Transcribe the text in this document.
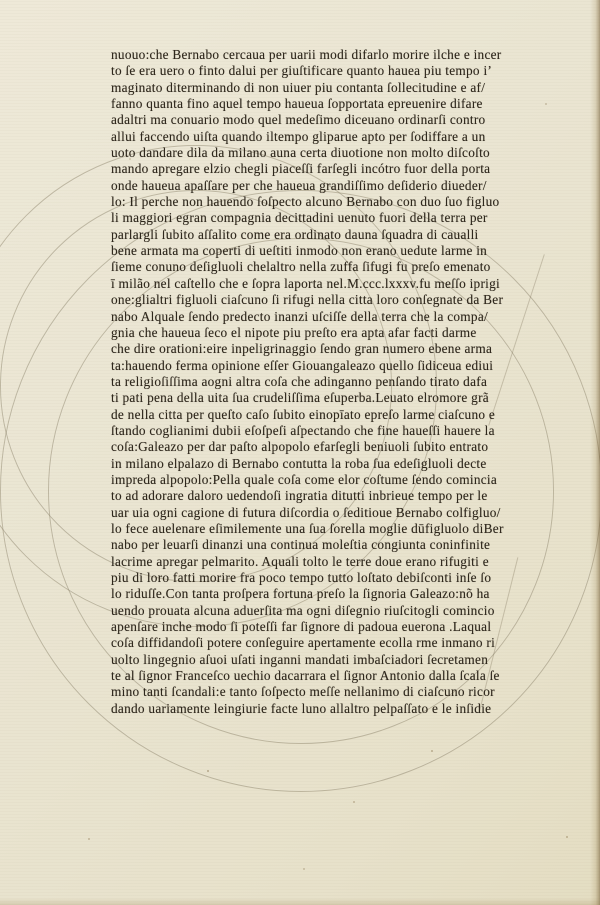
nuouo:che Bernabo cercaua per uarii modi difarlo morire ilche e incer
to ſe era uero o finto dalui per giuſtificare quanto hauea piu tempo i’
maginato diterminando di non uiuer piu contanta ſollecitudine e af/
fanno quanta fino aquel tempo haueua ſopportata epreuenire difare
adaltri ma conuario modo quel medeſimo diceuano ordinarſi contro
allui faccendo uiſta quando iltempo gliparue apto per ſodiffare a un
uoto dandare dila da milano auna certa diuotione non molto diſcoſto
mando apregare elzio chegli piaceſſi farſegli incótro fuor della porta
onde haueua apaſſare per che haueua grandiſſimo deſiderio diueder/
lo: Il perche non hauendo ſoſpecto alcuno Bernabo con duo ſuo figluo
li maggiori egran compagnia decittadini uenuto fuori della terra per
parlargli ſubito aſſalito come era ordinato dauna ſquadra di caualli
bene armata ma coperti di ueſtiti inmodo non erano uedute larme in
ſieme conuno deſigluoli chelaltro nella zuffa ſifugi fu preſo emenato
ī milão nel caſtello che e ſopra laporta nel.M.ccc.lxxxv.fu meſſo iprigi
one:glialtri figluoli ciaſcuno ſi rifugi nella citta loro conſegnate da Ber
nabo Alquale ſendo predecto inanzi uſciſſe della terra che la compa/
gnia che haueua ſeco el nipote piu preſto era apta afar facti darme
che dire orationi:eire inpeligrinaggio ſendo gran numero ebene arma
ta:hauendo ferma opinione eſſer Giouangaleazo quello ſidiceua ediui
ta religioſiſſima aogni altra coſa che adinganno penſando tirato dafa
ti pati pena della uita ſua crudeliſſima eſuperba.Leuato elromore grã
de nella citta per queſto caſo ſubito einopīato epreſo larme ciaſcuno e
ſtando coglianimi dubii eſoſpeſi aſpectando che fine haueſſi hauere la
coſa:Galeazo per dar paſto alpopolo efarſegli beniuoli ſubito entrato
in milano elpalazo di Bernabo contutta la roba ſua edeſigluoli decte
impreda alpopolo:Pella quale coſa come elor coſtume ſendo comincia
to ad adorare daloro uedendoſi ingratia ditutti inbrieue tempo per le
uar uia ogni cagione di futura diſcordia o ſeditioue Bernabo colfigluo/
lo fece auelenare eſimilemente una ſua ſorella moglie dūfigluolo diBer
nabo per leuarſi dinanzi una continua moleſtia congiunta coninfinite
lacrime apregar pelmarito. Aquali tolto le terre doue erano rifugiti e
piu di loro fatti morire fra poco tempo tutto loſtato debiſconti inſe ſo
lo riduſſe.Con tanta proſpera fortuna preſo la ſignoria Galeazo:nõ ha
uendo prouata alcuna aduerſita ma ogni diſegnio riuſcitogli comincio
apenſare inche modo ſi poteſſi far ſignore di padoua euerona .Laqual
coſa diffidandoſi potere conſeguire apertamente ecolla rme inmano ri
uolto lingegnio aſuoi uſati inganni mandati imbaſciadori ſecretamen
te al ſignor Franceſco uechio dacarrara el ſignor Antonio dalla ſcala ſe
mino tanti ſcandali:e tanto ſoſpecto meſſe nellanimo di ciaſcuno ricor
dando uariamente leingiurie facte luno allaltro pelpaſſato e le inſidie
